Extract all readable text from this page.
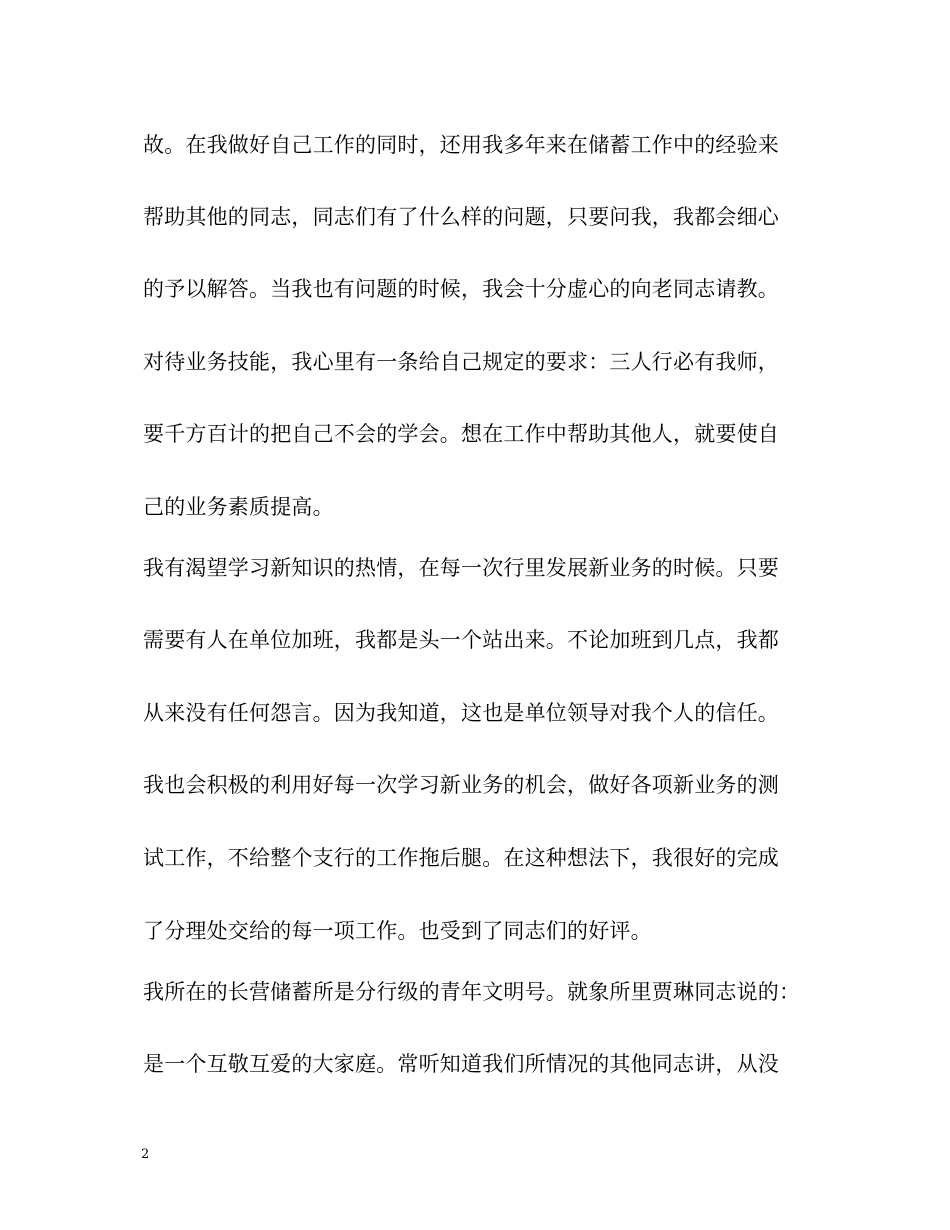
故。在我做好自己工作的同时，还用我多年来在储蓄工作中的经验来
帮助其他的同志，同志们有了什么样的问题，只要问我，我都会细心
的予以解答。当我也有问题的时候，我会十分虚心的向老同志请教。
对待业务技能，我心里有一条给自己规定的要求：三人行必有我师，
要千方百计的把自己不会的学会。想在工作中帮助其他人，就要使自
己的业务素质提高。
我有渴望学习新知识的热情，在每一次行里发展新业务的时候。只要
需要有人在单位加班，我都是头一个站出来。不论加班到几点，我都
从来没有任何怨言。因为我知道，这也是单位领导对我个人的信任。
我也会积极的利用好每一次学习新业务的机会，做好各项新业务的测
试工作，不给整个支行的工作拖后腿。在这种想法下，我很好的完成
了分理处交给的每一项工作。也受到了同志们的好评。
我所在的长营储蓄所是分行级的青年文明号。就象所里贾琳同志说的：
是一个互敬互爱的大家庭。常听知道我们所情况的其他同志讲，从没
2
